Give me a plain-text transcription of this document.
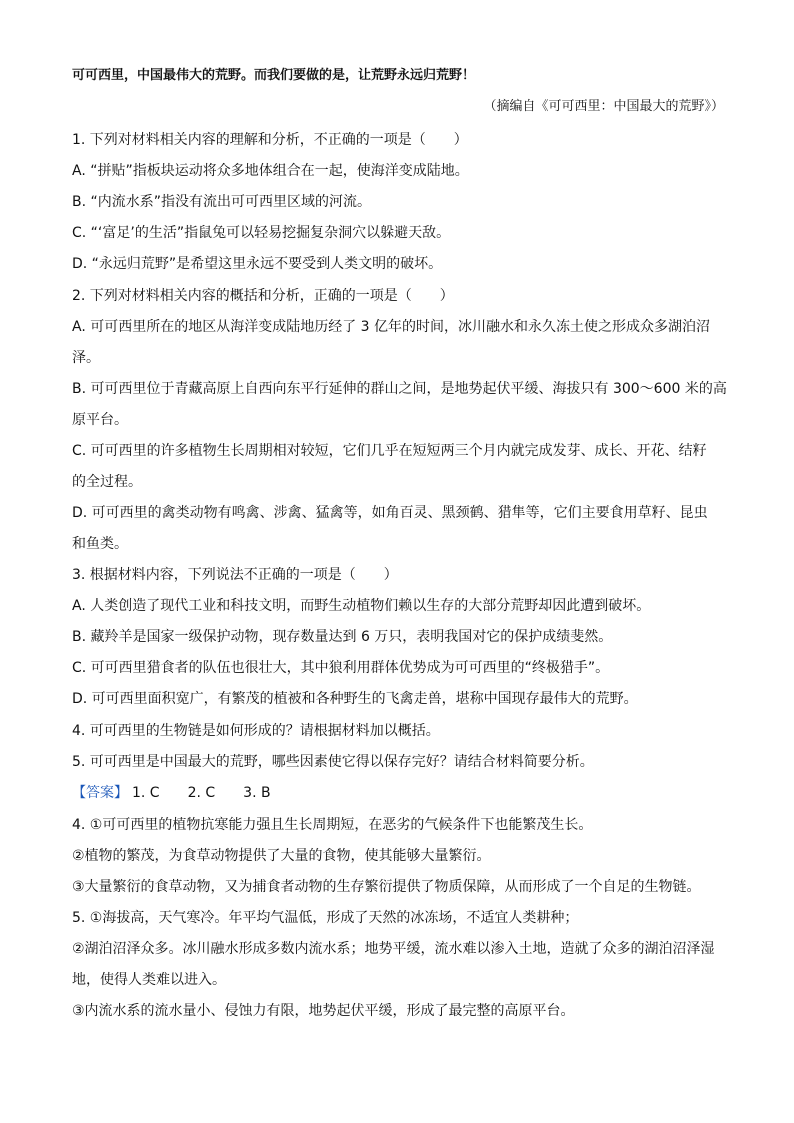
可可西里，中国最伟大的荒野。而我们要做的是，让荒野永远归荒野！
（摘编自《可可西里：中国最大的荒野》）
1. 下列对材料相关内容的理解和分析，不正确的一项是（　　）
A. “拼贴”指板块运动将众多地体组合在一起，使海洋变成陆地。
B. “内流水系”指没有流出可可西里区域的河流。
C. “‘富足’的生活”指鼠兔可以轻易挖掘复杂洞穴以躲避天敌。
D. “永远归荒野”是希望这里永远不要受到人类文明的破坏。
2. 下列对材料相关内容的概括和分析，正确的一项是（　　）
A. 可可西里所在的地区从海洋变成陆地历经了 3 亿年的时间，冰川融水和永久冻土使之形成众多湖泊沼
泽。
B. 可可西里位于青藏高原上自西向东平行延伸的群山之间，是地势起伏平缓、海拔只有 300～600 米的高
原平台。
C. 可可西里的许多植物生长周期相对较短，它们几乎在短短两三个月内就完成发芽、成长、开花、结籽
的全过程。
D. 可可西里的禽类动物有鸣禽、涉禽、猛禽等，如角百灵、黑颈鹤、猎隼等，它们主要食用草籽、昆虫
和鱼类。
3. 根据材料内容，下列说法不正确的一项是（　　）
A. 人类创造了现代工业和科技文明，而野生动植物们赖以生存的大部分荒野却因此遭到破坏。
B. 藏羚羊是国家一级保护动物，现存数量达到 6 万只，表明我国对它的保护成绩斐然。
C. 可可西里猎食者的队伍也很壮大，其中狼利用群体优势成为可可西里的“终极猎手”。
D. 可可西里面积宽广，有繁茂的植被和各种野生的飞禽走兽，堪称中国现存最伟大的荒野。
4. 可可西里的生物链是如何形成的？请根据材料加以概括。
5. 可可西里是中国最大的荒野，哪些因素使它得以保存完好？请结合材料简要分析。
【答案】 1. C　　2. C　　3. B
4. ①可可西里的植物抗寒能力强且生长周期短，在恶劣的气候条件下也能繁茂生长。
②植物的繁茂，为食草动物提供了大量的食物，使其能够大量繁衍。
③大量繁衍的食草动物，又为捕食者动物的生存繁衍提供了物质保障，从而形成了一个自足的生物链。
5. ①海拔高，天气寒冷。年平均气温低，形成了天然的冰冻场，不适宜人类耕种；
②湖泊沼泽众多。冰川融水形成多数内流水系；地势平缓，流水难以渗入土地，造就了众多的湖泊沼泽湿
地，使得人类难以进入。
③内流水系的流水量小、侵蚀力有限，地势起伏平缓，形成了最完整的高原平台。
